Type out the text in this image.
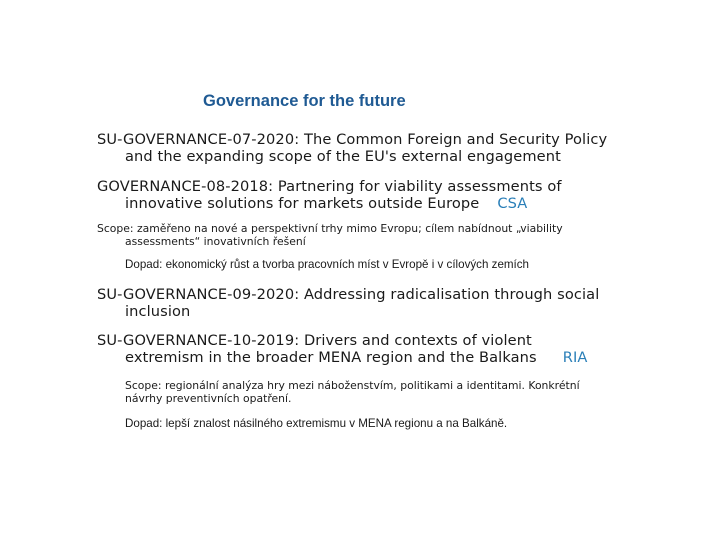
Governance for the future
SU-GOVERNANCE-07-2020: The Common Foreign and Security Policy
and the expanding scope of the EU's external engagement
GOVERNANCE-08-2018: Partnering for viability assessments of
innovative solutions for markets outside Europe CSA
Scope: zaměřeno na nové a perspektivní trhy mimo Evropu; cílem nabídnout „viability
assessments“ inovativních řešení
Dopad: ekonomický růst a tvorba pracovních míst v Evropě i v cílových zemích
SU-GOVERNANCE-09-2020: Addressing radicalisation through social
inclusion
SU-GOVERNANCE-10-2019: Drivers and contexts of violent
extremism in the broader MENA region and the Balkans RIA
Scope: regionální analýza hry mezi náboženstvím, politikami a identitami. Konkrétní
návrhy preventivních opatření.
Dopad: lepší znalost násilného extremismu v MENA regionu a na Balkáně.
